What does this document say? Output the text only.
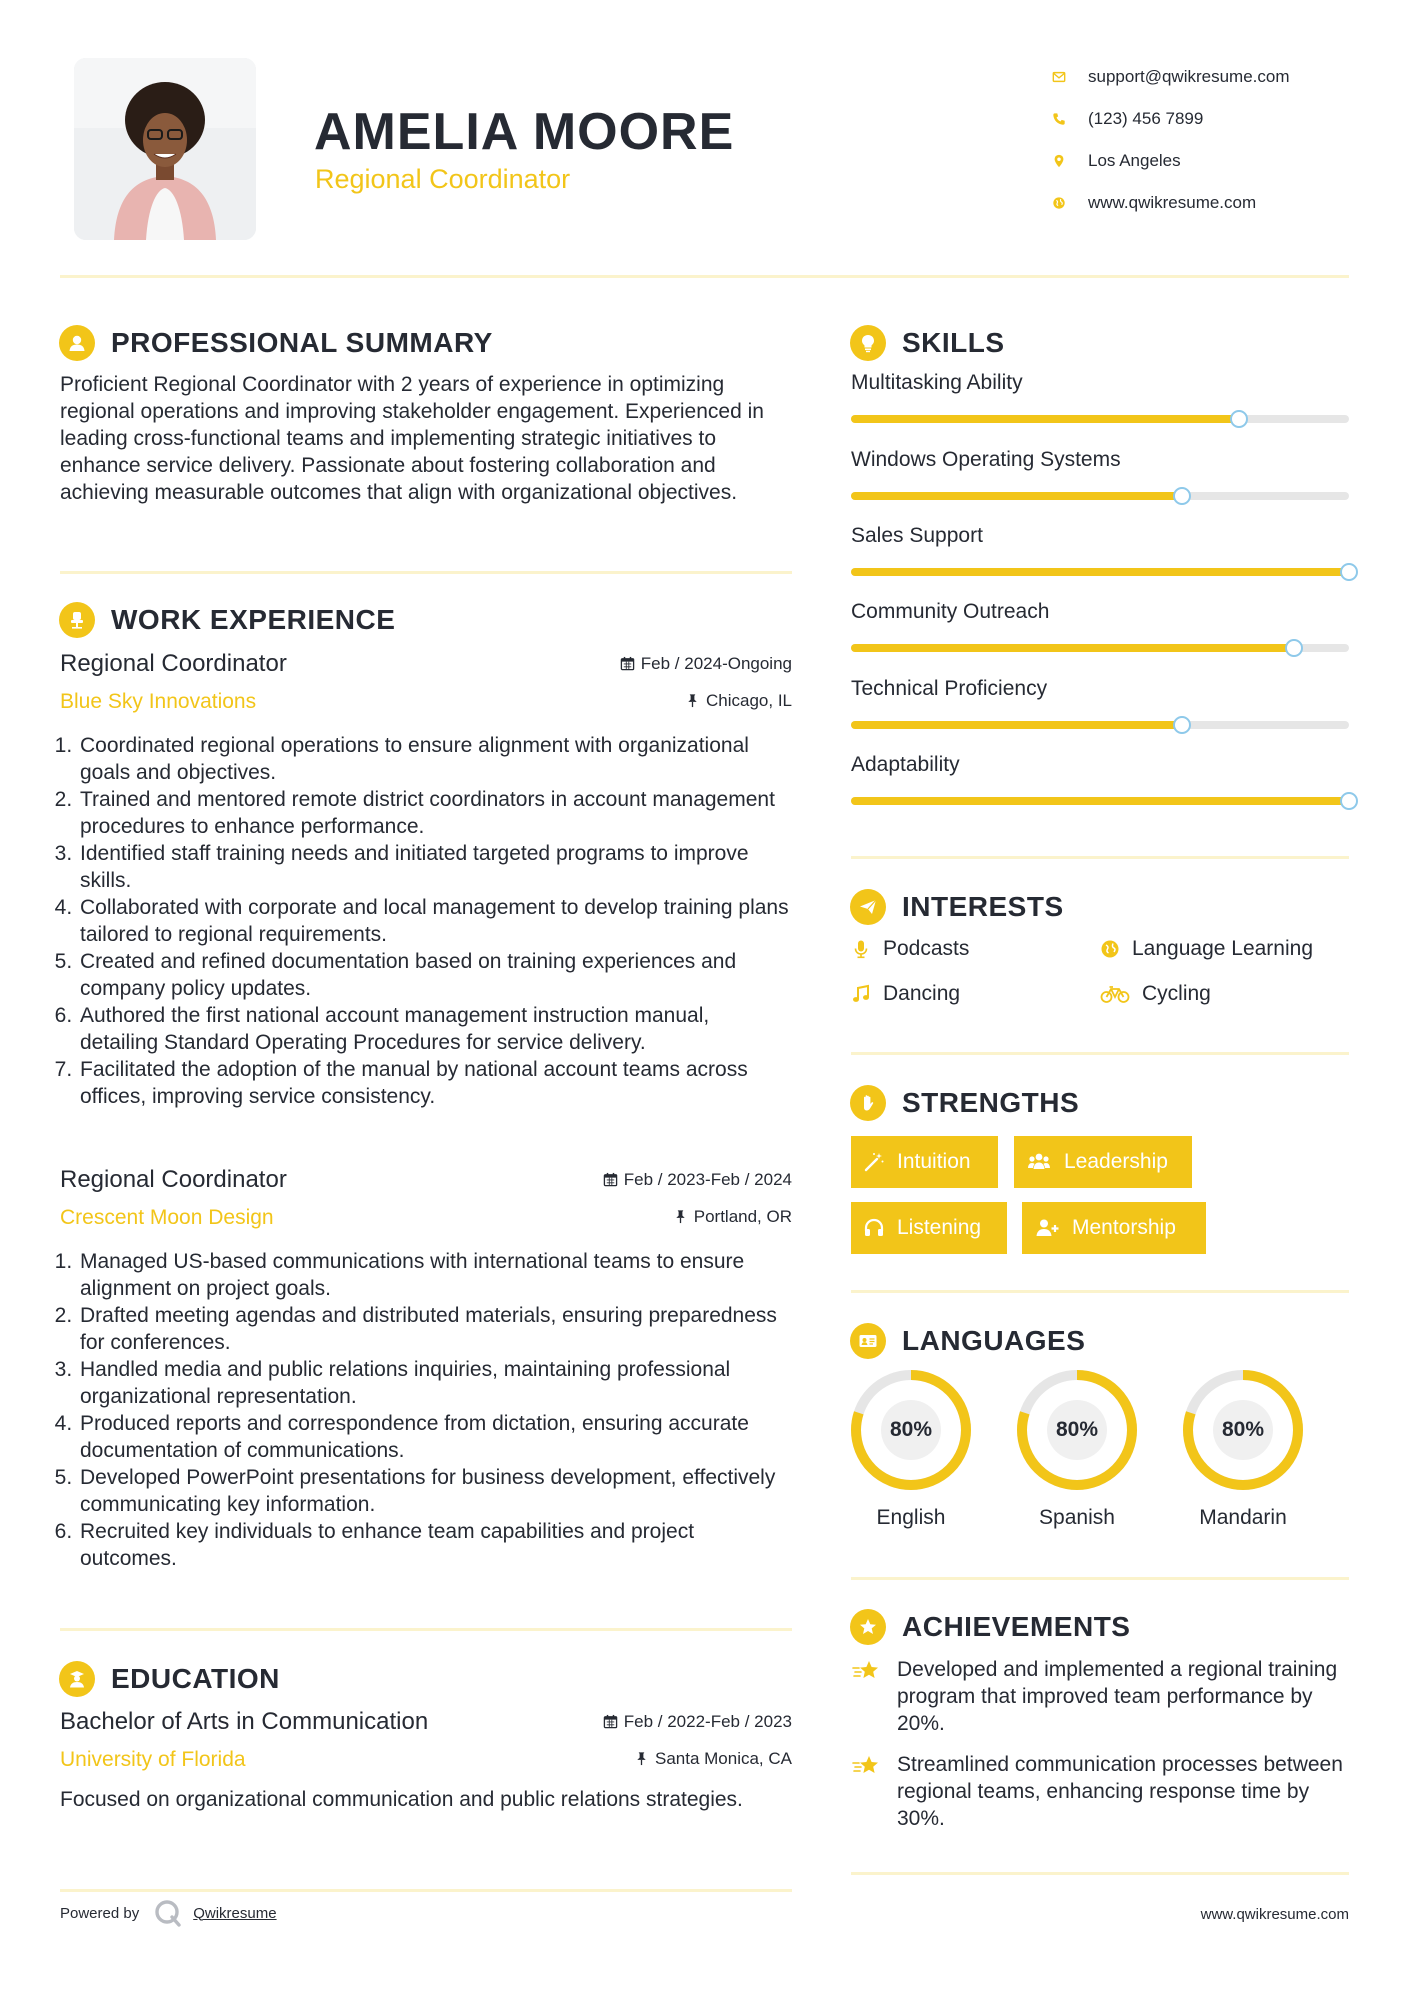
AMELIA MOORE
Regional Coordinator
support@qwikresume.com
(123) 456 7899
Los Angeles
www.qwikresume.com
PROFESSIONAL SUMMARY
Proficient Regional Coordinator with 2 years of experience in optimizing regional operations and improving stakeholder engagement. Experienced in leading cross-functional teams and implementing strategic initiatives to enhance service delivery. Passionate about fostering collaboration and achieving measurable outcomes that align with organizational objectives.
WORK EXPERIENCE
Regional Coordinator	Feb / 2024-Ongoing
Blue Sky Innovations	Chicago, IL
1. Coordinated regional operations to ensure alignment with organizational goals and objectives.
2. Trained and mentored remote district coordinators in account management procedures to enhance performance.
3. Identified staff training needs and initiated targeted programs to improve skills.
4. Collaborated with corporate and local management to develop training plans tailored to regional requirements.
5. Created and refined documentation based on training experiences and company policy updates.
6. Authored the first national account management instruction manual, detailing Standard Operating Procedures for service delivery.
7. Facilitated the adoption of the manual by national account teams across offices, improving service consistency.
Regional Coordinator	Feb / 2023-Feb / 2024
Crescent Moon Design	Portland, OR
1. Managed US-based communications with international teams to ensure alignment on project goals.
2. Drafted meeting agendas and distributed materials, ensuring preparedness for conferences.
3. Handled media and public relations inquiries, maintaining professional organizational representation.
4. Produced reports and correspondence from dictation, ensuring accurate documentation of communications.
5. Developed PowerPoint presentations for business development, effectively communicating key information.
6. Recruited key individuals to enhance team capabilities and project outcomes.
EDUCATION
Bachelor of Arts in Communication	Feb / 2022-Feb / 2023
University of Florida	Santa Monica, CA
Focused on organizational communication and public relations strategies.
SKILLS
Multitasking Ability
Windows Operating Systems
Sales Support
Community Outreach
Technical Proficiency
Adaptability
INTERESTS
Podcasts	Language Learning
Dancing	Cycling
STRENGTHS
Intuition	Leadership
Listening	Mentorship
LANGUAGES
80%
English
80%
Spanish
80%
Mandarin
ACHIEVEMENTS
Developed and implemented a regional training program that improved team performance by 20%.
Streamlined communication processes between regional teams, enhancing response time by 30%.
Powered by	Qwikresume	www.qwikresume.com
